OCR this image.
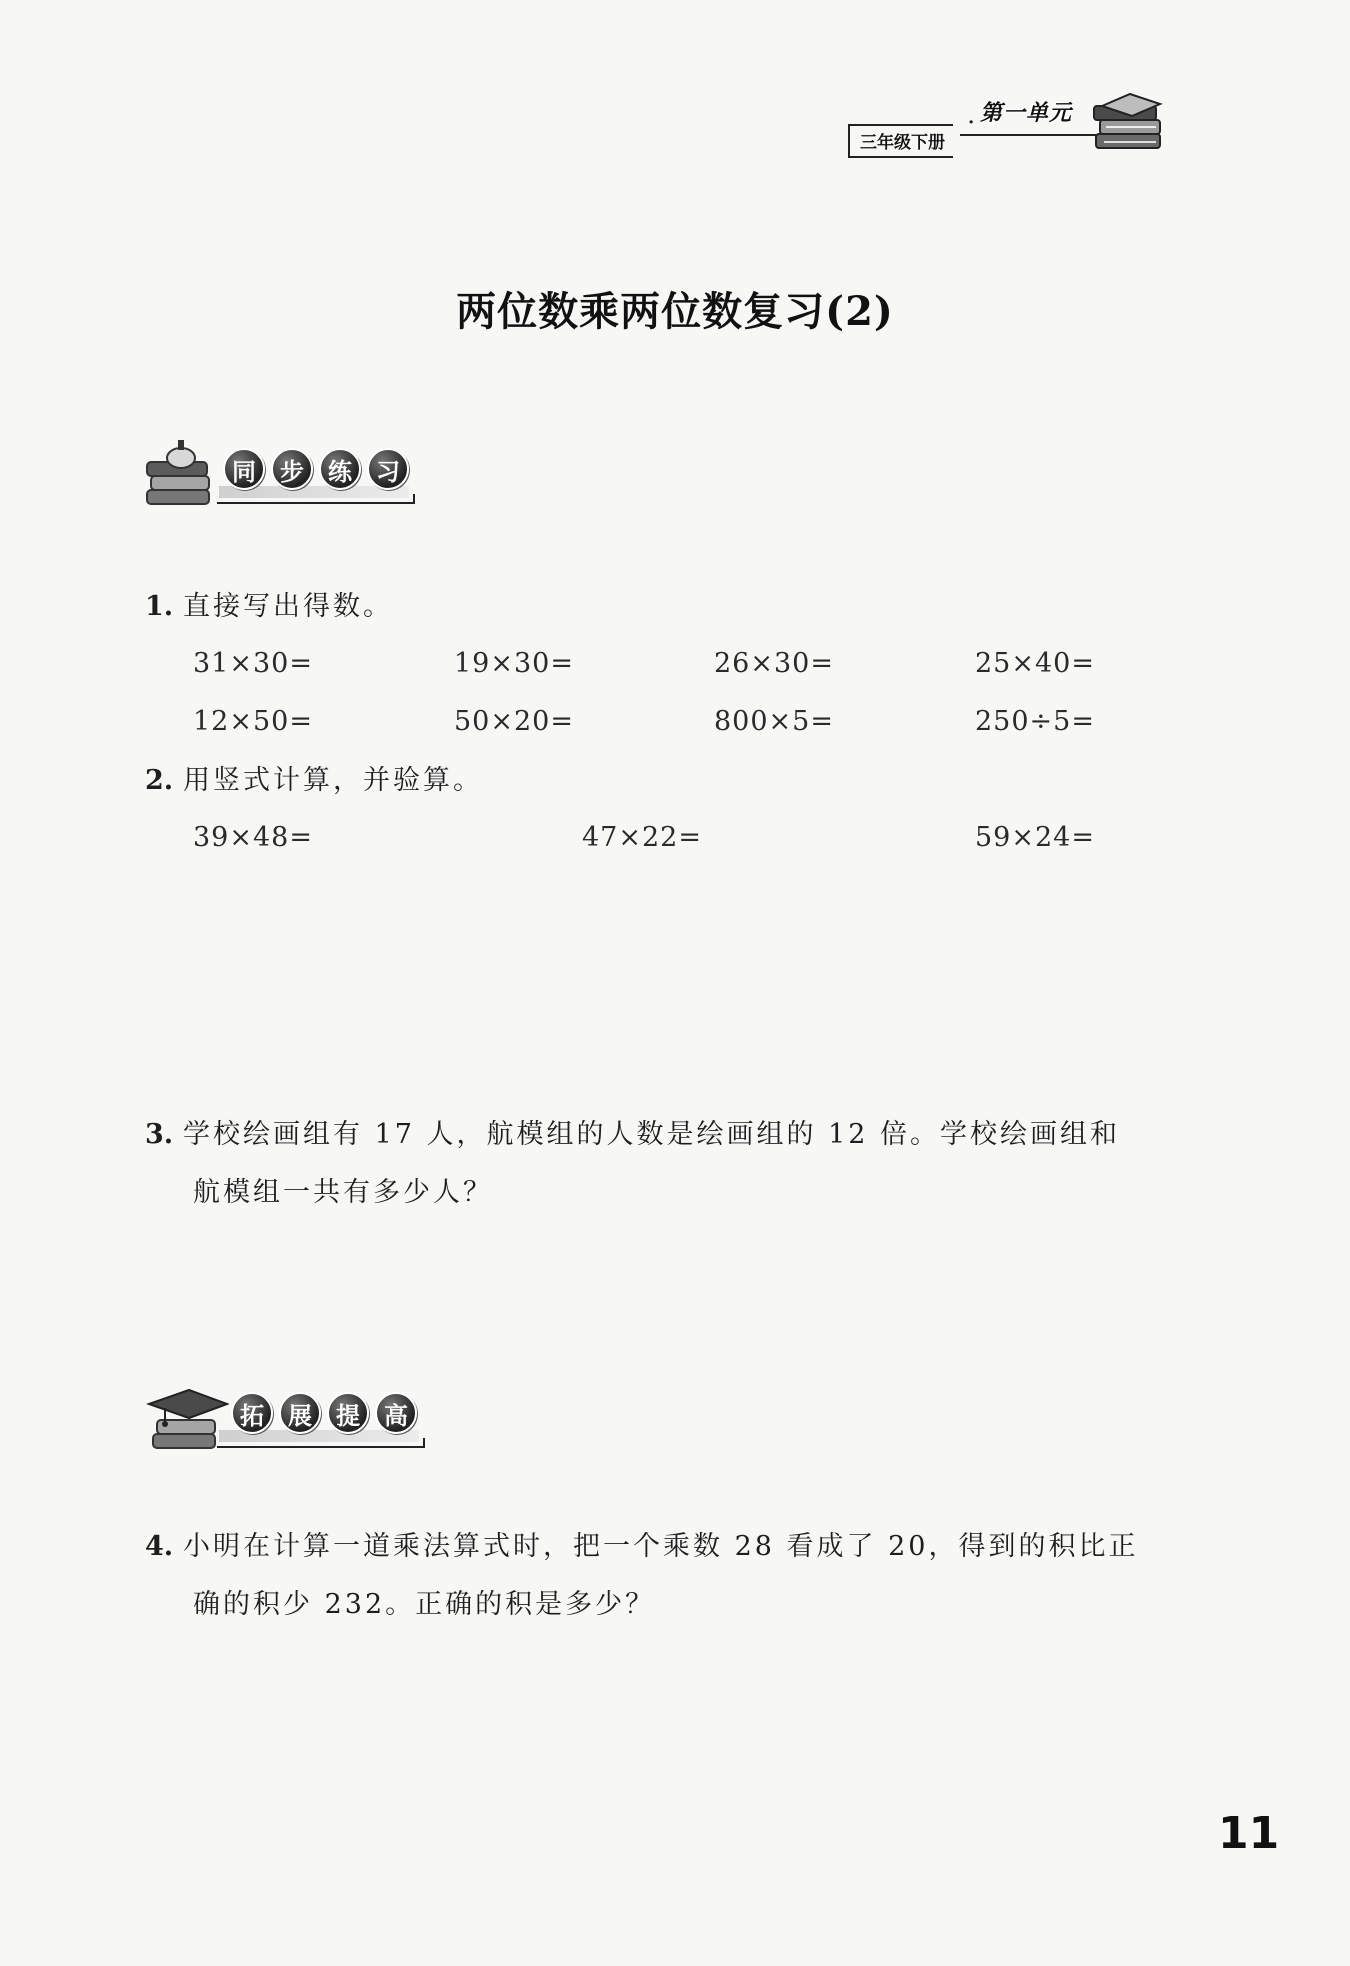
三年级下册
· 第一单元
两位数乘两位数复习(2)
同	步	练	习
1. 直接写出得数。
31×30=	19×30=	26×30=	25×40=
12×50=	50×20=	800×5=	250÷5=
2. 用竖式计算，并验算。
39×48=	47×22=	59×24=
3. 学校绘画组有 17 人，航模组的人数是绘画组的 12 倍。学校绘画组和
航模组一共有多少人？
拓	展	提	高
4. 小明在计算一道乘法算式时，把一个乘数 28 看成了 20，得到的积比正
确的积少 232。正确的积是多少？
11
